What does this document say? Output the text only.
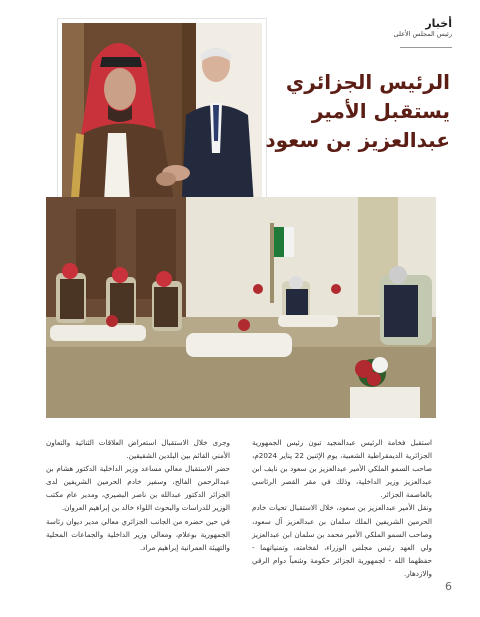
أخبار
رئيس المجلس الأعلى
الرئيس الجزائري يستقبل الأمير عبدالعزيز بن سعود

استقبل فخامة الرئيس عبدالمجيد تبون رئيس الجمهورية الجزائرية الديمقراطية الشعبية، يوم الإثنين 22 يناير 2024م، صاحب السمو الملكي الأمير عبدالعزيز بن سعود بن نايف ابن عبدالعزيز وزير الداخلية، وذلك في مقر القصر الرئاسي بالعاصمة الجزائر.

ونقل الأمير عبدالعزيز بن سعود، خلال الاستقبال تحيات خادم الحرمين الشريفين الملك سلمان بن عبدالعزيز آل سعود، وصاحب السمو الملكي الأمير محمد بن سلمان ابن عبدالعزيز ولي العهد رئيس مجلس الوزراء، لفخامته، وتمنياتهما - حفظهما الله - لجمهورية الجزائر حكومة وشعباً دوام الرقي والازدهار.

وجرى خلال الاستقبال استعراض العلاقات الثنائية والتعاون الأمني القائم بين البلدين الشقيقين.

حضر الاستقبال معالي مساعد وزير الداخلية الدكتور هشام بن عبدالرحمن الفالح، وسفير خادم الحرمين الشريفين لدى الجزائر الدكتور عبدالله بن ناصر البصيري، ومدير عام مكتب الوزير للدراسات والبحوث اللواء خالد بن إبراهيم العروان.

في حين حضره من الجانب الجزائري معالي مدير ديوان رئاسة الجمهورية بوعلام، ومعالي وزير الداخلية والجماعات المحلية والتهيئة العمرانية إبراهيم مراد.

6
